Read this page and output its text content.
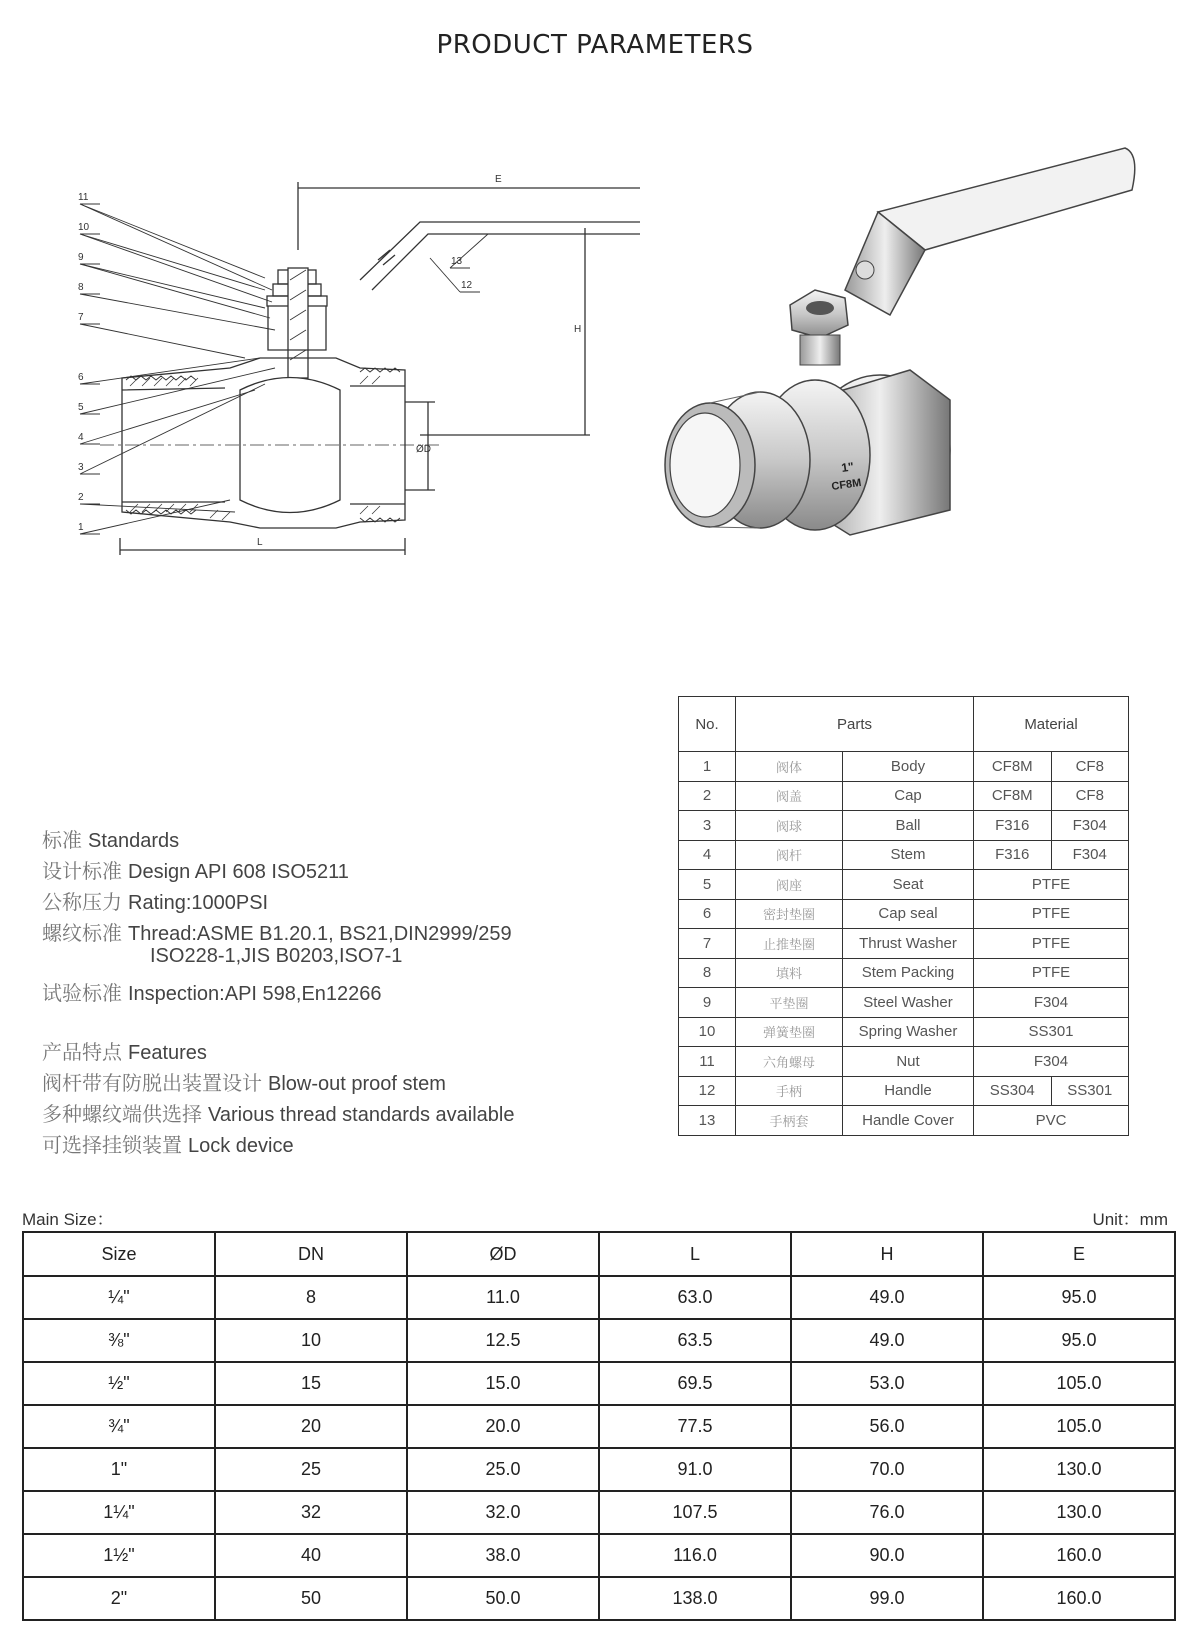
PRODUCT PARAMETERS
E
H
L
ØD
11
10
9
8
7
6
5
4
3
2
1
13
12
1"
CF8M
No.	Parts		Material	
1	阀体	Body	CF8M	CF8
2	阀盖	Cap	CF8M	CF8
3	阀球	Ball	F316	F304
4	阀杆	Stem	F316	F304
5	阀座	Seat	PTFE	
6	密封垫圈	Cap seal	PTFE	
7	止推垫圈	Thrust Washer	PTFE	
8	填料	Stem Packing	PTFE	
9	平垫圈	Steel Washer	F304	
10	弹簧垫圈	Spring Washer	SS301	
11	六角螺母	Nut	F304	
12	手柄	Handle	SS304	SS301
13	手柄套	Handle Cover	PVC	
标准 Standards
设计标准 Design API 608 ISO5211
公称压力 Rating:1000PSI
螺纹标准 Thread:ASME B1.20.1, BS21,DIN2999/259
ISO228-1,JIS B0203,ISO7-1
试验标准 Inspection:API 598,En12266
产品特点 Features
阀杆带有防脱出装置设计 Blow-out proof stem
多种螺纹端供选择 Various thread standards available
可选择挂锁装置 Lock device
Main Size：	Unit：mm
Size	DN	ØD	L	H	E
¼"	8	11.0	63.0	49.0	95.0
⅜"	10	12.5	63.5	49.0	95.0
½"	15	15.0	69.5	53.0	105.0
¾"	20	20.0	77.5	56.0	105.0
1"	25	25.0	91.0	70.0	130.0
1¼"	32	32.0	107.5	76.0	130.0
1½"	40	38.0	116.0	90.0	160.0
2"	50	50.0	138.0	99.0	160.0
